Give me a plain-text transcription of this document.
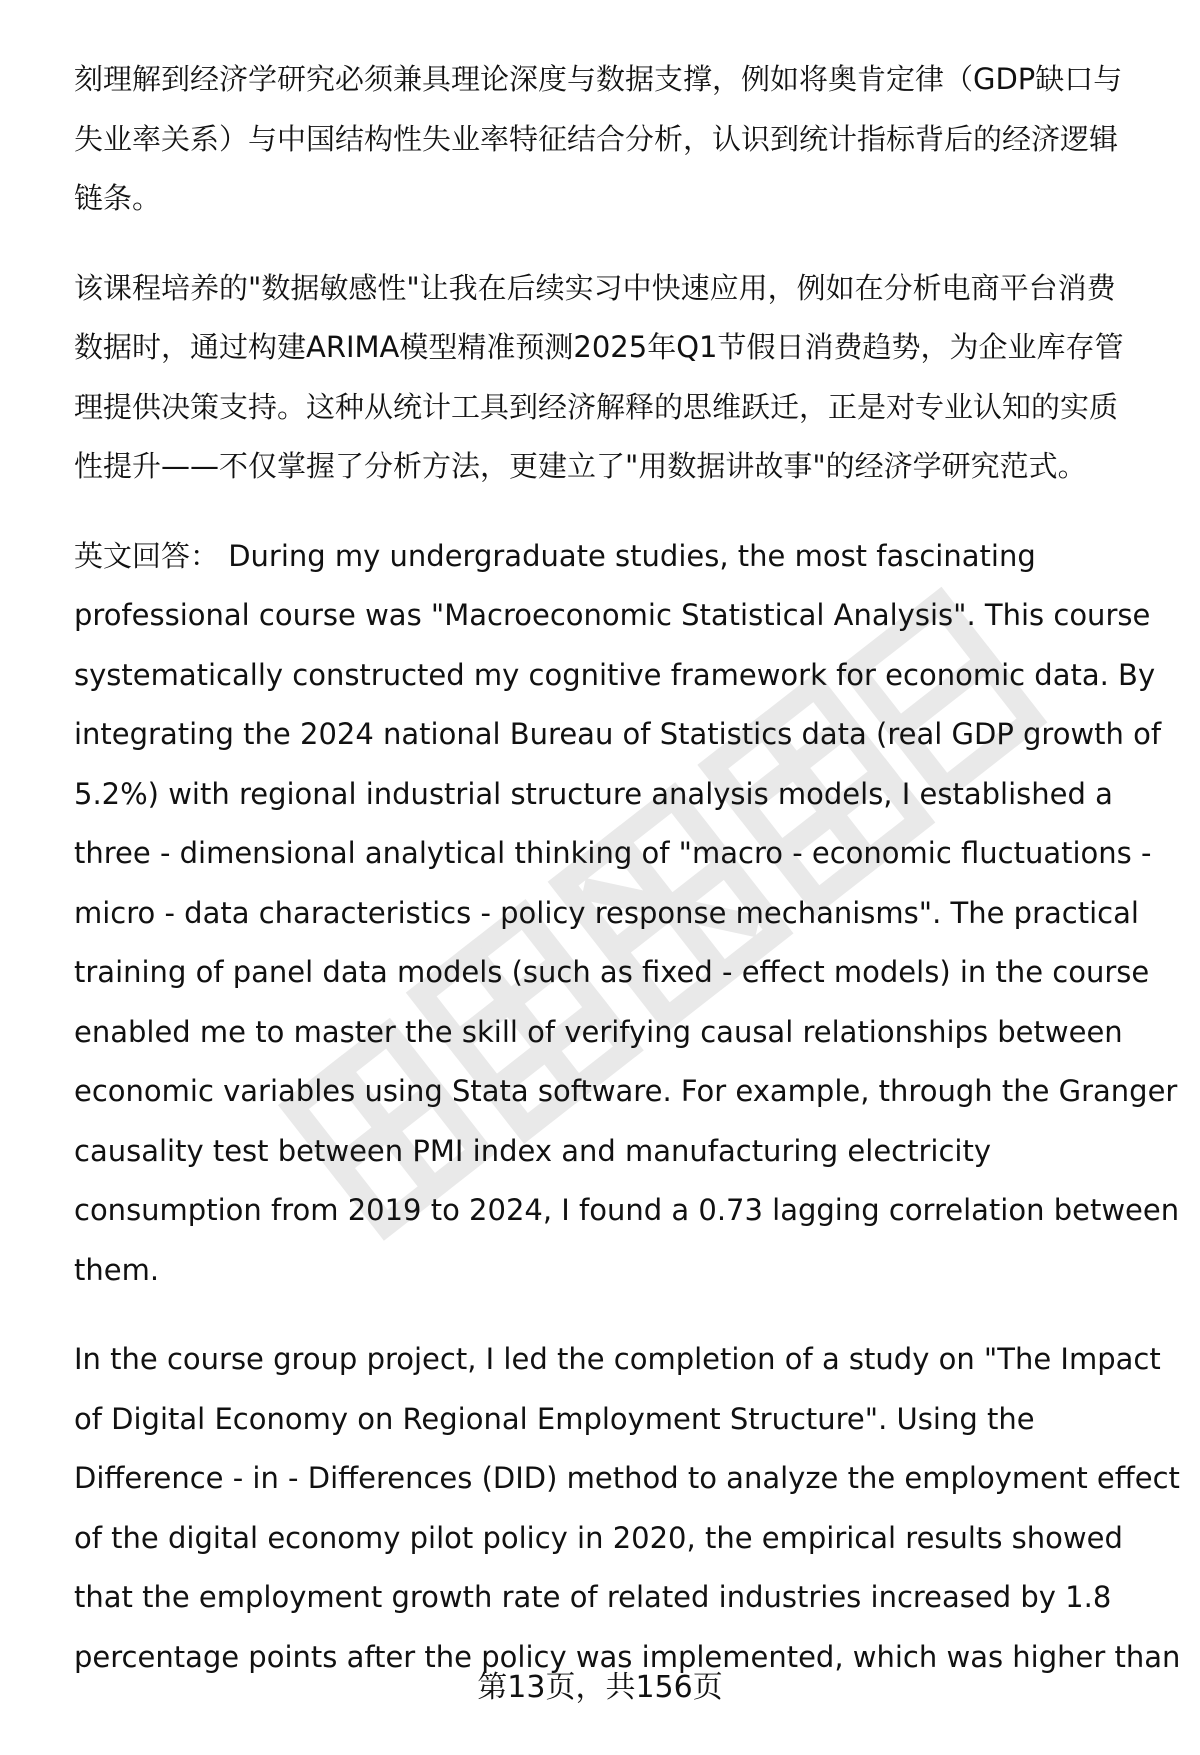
刻理解到经济学研究必须兼具理论深度与数据支撑，例如将奥肯定律（GDP缺口与
失业率关系）与中国结构性失业率特征结合分析，认识到统计指标背后的经济逻辑
链条。
该课程培养的"数据敏感性"让我在后续实习中快速应用，例如在分析电商平台消费
数据时，通过构建ARIMA模型精准预测2025年Q1节假日消费趋势，为企业库存管
理提供决策支持。这种从统计工具到经济解释的思维跃迁，正是对专业认知的实质
性提升——不仅掌握了分析方法，更建立了"用数据讲故事"的经济学研究范式。
英文回答： During my undergraduate studies, the most fascinating
professional course was "Macroeconomic Statistical Analysis". This course
systematically constructed my cognitive framework for economic data. By
integrating the 2024 national Bureau of Statistics data (real GDP growth of
5.2%) with regional industrial structure analysis models, I established a
three - dimensional analytical thinking of "macro - economic fluctuations -
micro - data characteristics - policy response mechanisms". The practical
training of panel data models (such as fixed - effect models) in the course
enabled me to master the skill of verifying causal relationships between
economic variables using Stata software. For example, through the Granger
causality test between PMI index and manufacturing electricity
consumption from 2019 to 2024, I found a 0.73 lagging correlation between
them.
In the course group project, I led the completion of a study on "The Impact
of Digital Economy on Regional Employment Structure". Using the
Difference - in - Differences (DID) method to analyze the employment effect
of the digital economy pilot policy in 2020, the empirical results showed
that the employment growth rate of related industries increased by 1.8
percentage points after the policy was implemented, which was higher than
第13页，共156页
